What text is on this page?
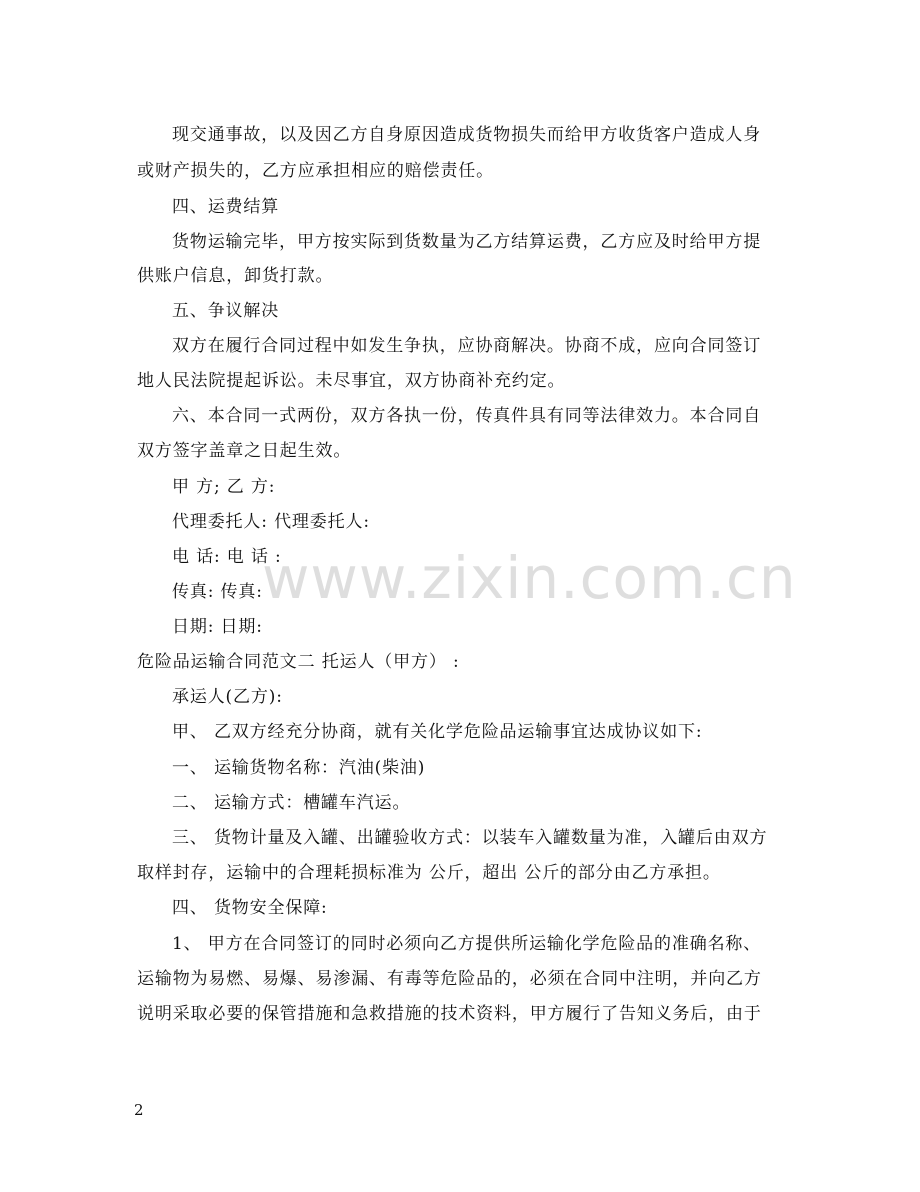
www.zixin.com.cn
现交通事故，以及因乙方自身原因造成货物损失而给甲方收货客户造成人身
或财产损失的，乙方应承担相应的赔偿责任。
四、运费结算
货物运输完毕，甲方按实际到货数量为乙方结算运费，乙方应及时给甲方提
供账户信息，卸货打款。
五、争议解决
双方在履行合同过程中如发生争执，应协商解决。协商不成，应向合同签订
地人民法院提起诉讼。未尽事宜，双方协商补充约定。
六、本合同一式两份，双方各执一份，传真件具有同等法律效力。本合同自
双方签字盖章之日起生效。
甲 方; 乙 方:
代理委托人: 代理委托人:
电 话: 电 话 :
传真: 传真:
日期: 日期:
危险品运输合同范文二 托运人（甲方） :
承运人(乙方):
甲、 乙双方经充分协商，就有关化学危险品运输事宜达成协议如下:
一、 运输货物名称：汽油(柴油)
二、 运输方式：槽罐车汽运。
三、 货物计量及入罐、出罐验收方式：以装车入罐数量为准，入罐后由双方
取样封存，运输中的合理耗损标准为 公斤，超出 公斤的部分由乙方承担。
四、 货物安全保障:
1、 甲方在合同签订的同时必须向乙方提供所运输化学危险品的准确名称、
运输物为易燃、易爆、易渗漏、有毒等危险品的，必须在合同中注明，并向乙方
说明采取必要的保管措施和急救措施的技术资料，甲方履行了告知义务后，由于
2
